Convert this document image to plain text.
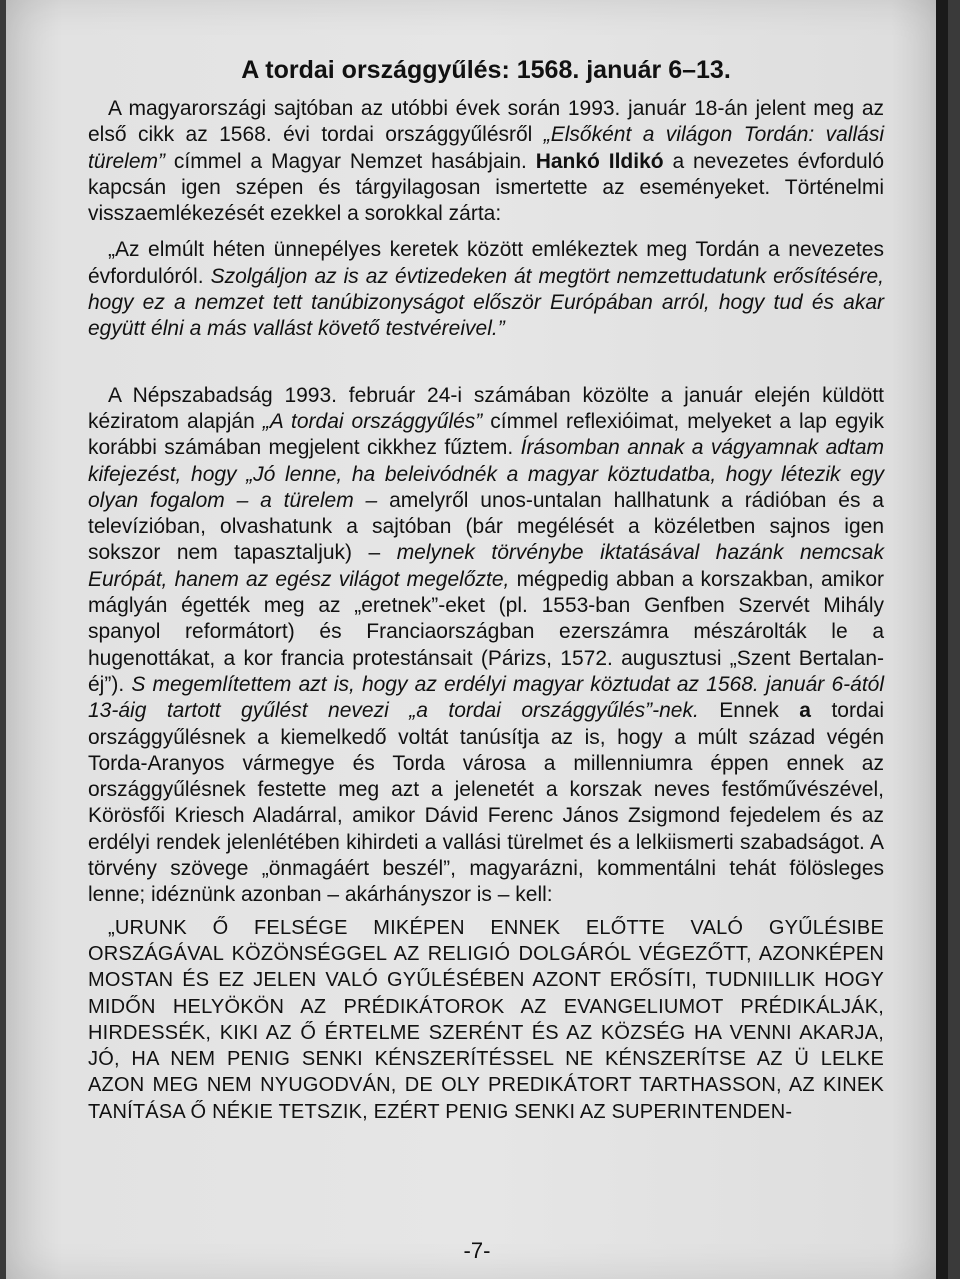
A tordai országgyűlés: 1568. január 6–13.

A magyarországi sajtóban az utóbbi évek során 1993. január 18-án jelent meg az első cikk az 1568. évi tordai országgyűlésről „Elsőként a világon Tordán: vallási türelem” címmel a Magyar Nemzet hasábjain. Hankó Ildikó a nevezetes évforduló kapcsán igen szépen és tárgyilagosan ismertette az eseményeket. Történelmi visszaemlékezését ezekkel a sorokkal zárta:

„Az elmúlt héten ünnepélyes keretek között emlékeztek meg Tordán a nevezetes évfordulóról. Szolgáljon az is az évtizedeken át megtört nemzettudatunk erősítésére, hogy ez a nemzet tett tanúbizonyságot először Európában arról, hogy tud és akar együtt élni a más vallást követő testvéreivel.”

A Népszabadság 1993. február 24-i számában közölte a január elején küldött kéziratom alapján „A tordai országgyűlés” címmel reflexióimat, melyeket a lap egyik korábbi számában megjelent cikkhez fűztem. Írásomban annak a vágyamnak adtam kifejezést, hogy „Jó lenne, ha beleivódnék a magyar köztudatba, hogy létezik egy olyan fogalom – a türelem – amelyről unos-untalan hallhatunk a rádióban és a televízióban, olvashatunk a sajtóban (bár megélését a közéletben sajnos igen sokszor nem tapasztaljuk) – melynek törvénybe iktatásával hazánk nemcsak Európát, hanem az egész világot megelőzte, mégpedig abban a korszakban, amikor máglyán égették meg az „eretnek”-eket (pl. 1553-ban Genfben Szervét Mihály spanyol reformátort) és Franciaországban ezerszámra mészárolták le a hugenottákat, a kor francia protestánsait (Párizs, 1572. augusztusi „Szent Bertalan-éj”). S megemlítettem azt is, hogy az erdélyi magyar köztudat az 1568. január 6-ától 13-áig tartott gyűlést nevezi „a tordai országgyűlés”-nek. Ennek a tordai országgyűlésnek a kiemelkedő voltát tanúsítja az is, hogy a múlt század végén Torda-Aranyos vármegye és Torda városa a millenniumra éppen ennek az országgyűlésnek festette meg azt a jelenetét a korszak neves festőművészével, Körösfői Kriesch Aladárral, amikor Dávid Ferenc János Zsigmond fejedelem és az erdélyi rendek jelenlétében kihirdeti a vallási türelmet és a lelkiismerti szabadságot. A törvény szövege „önmagáért beszél”, magyarázni, kommentálni tehát fölösleges lenne; idéznünk azonban – akárhányszor is – kell:

„URUNK Ő FELSÉGE MIKÉPEN ENNEK ELŐTTE VALÓ GYŰLÉSIBE ORSZÁGÁVAL KÖZÖNSÉGGEL AZ RELIGIÓ DOLGÁRÓL VÉGEZŐTT, AZONKÉPEN MOSTAN ÉS EZ JELEN VALÓ GYŰLÉSÉBEN AZONT ERŐSÍTI, TUDNIILLIK HOGY MIDŐN HELYÖKÖN AZ PRÉDIKÁTOROK AZ EVANGELIUMOT PRÉDIKÁLJÁK, HIRDESSÉK, KIKI AZ Ő ÉRTELME SZERÉNT ÉS AZ KÖZSÉG HA VENNI AKARJA, JÓ, HA NEM PENIG SENKI KÉNSZERÍTÉSSEL NE KÉNSZERÍTSE AZ Ü LELKE AZON MEG NEM NYUGODVÁN, DE OLY PREDIKÁTORT TARTHASSON, AZ KINEK TANÍTÁSA Ő NÉKIE TETSZIK, EZÉRT PENIG SENKI AZ SUPERINTENDEN-

-7-
